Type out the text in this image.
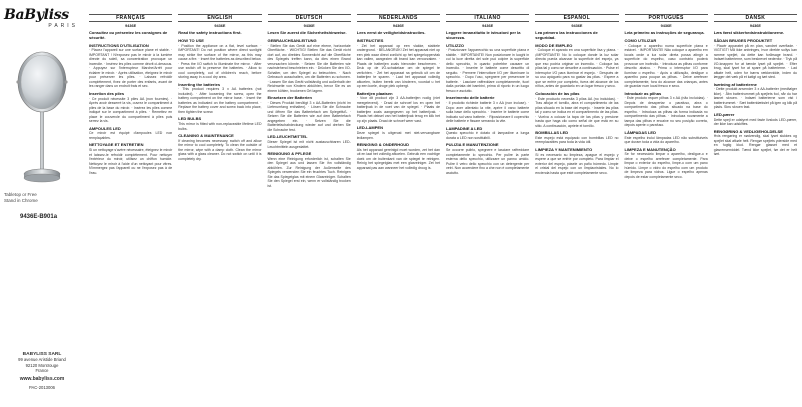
BaByliss
PARIS
Tabletop or Free
Stand in Chrome
9436E-B901a
BABYLISS SARL
99 avenue Aristide Briand
92120 Montrouge
France
www.babyliss.com
PAC-2013006
FRANÇAIS
9436E
Consultez ou présentez les consignes de sécurité.
INSTRUCTIONS D'UTILISATION
· Placez l'appareil sur une surface plane et stable. · IMPORTANT ! N'exposez pas le miroir à la lumière directe du soleil, sa concentration provoque un incendie. · Insérez les piles comme décrit ci-dessous. · Appuyez sur l'interrupteur Marche/Arrêt pour éclairer le miroir. · Après utilisation, éteignez le miroir pour préserver les piles. · Laissez refroidir complètement, fixez de porter des enfants, avant de les ranger dans un endroit frais et sec.
Insertion des piles
· Ce produit nécessite 3 piles AA (non fournies). · Après avoir desserré la vis, ouvrez le compartiment à piles de la base du miroir. · Insérez les piles comme indiqué sur le compartiment à piles. · Remettez en place le couvercle du compartiment à piles puis serrez la vis.
AMPOULES LED
Ce miroir est équipé d'ampoules LED non remplaçables.
NETTOYAGE ET ENTRETIEN
Si un nettoyage s'avère nécessaire, éteignez le miroir et laissez-le refroidir complètement. Pour nettoyer l'extérieur du miroir, utilisez un chiffon humide. Nettoyez le miroir à l'aide d'un nettoyant pour vitres. N'immergez pas l'appareil ou ne l'exposez pas à de l'eau.
ENGLISH
9436E
Read the safety instructions first.
HOW TO USE
· Position the appliance on a flat, level surface. · IMPORTANT! Do not position where direct sunlight may strike the surface of the mirror, as this may cause a fire. · Insert the batteries as described below. · Press the I/O switch to illuminate the mirror. · After use switch off to preserve the batteries. · Allow to cool completely, out of children's reach, before storing away in a cool dry area.
Inserting the batteries
· This product requires 3 x AA batteries (not included). · After loosening the screw, open the battery compartment on the mirror base. · Insert the batteries as indicated on the battery compartment. · Replace the battery cover and screw back into place, then tighten the screw.
LED BULBS
This mirror is fitted with non-replaceable lifetime LED bulbs.
CLEANING & MAINTENANCE
If cleaning becomes necessary, switch off and allow the mirror to cool completely. To clean the outside of the mirror, wipe with a damp cloth. Clean the mirror glass with a glass cleaner. Do not switch on until it is completely dry.
DEUTSCH
9436E
Lesen Sie zuerst die Sicherheitshinweise.
GEBRAUCHSANLEITUNG
· Stellen Sie das Gerät auf eine ebene, horizontale Oberfläche. · WICHTIG! Stellen Sie das Gerät nicht dort auf, wo direktes Sonnenlicht auf die Oberfläche des Spiegels treffen kann, da dies einen Brand verursachen könnte. · Setzen Sie die Batterien wie nachstehend beschrieben ein. · Drücken Sie den I/O-Schalter, um den Spiegel zu beleuchten. · Nach Gebrauch ausschalten, um die Batterien zu schonen. · Lassen Sie das Gerät vollständig und außerhalb der Reichweite von Kindern abkühlen, bevor Sie es an einem kühlen, trockenen Ort lagern.
Einsetzen der Batterien
· Dieses Produkt benötigt 3 x AA-Batterien (nicht im Lieferumfang enthalten). · Lösen Sie die Schraube und öffnen Sie das Batteriefach am Spiegelfuß. · Setzen Sie die Batterien wie auf dem Batteriefach angegeben ein. · Setzen Sie die Batteriefachabdeckung wieder auf und drehen Sie die Schraube fest.
LED-LEUCHTMITTEL
Dieser Spiegel ist mit nicht austauschbaren LED-Leuchtmitteln ausgestattet.
REINIGUNG & PFLEGE
Wenn eine Reinigung erforderlich ist, schalten Sie den Spiegel aus und lassen Sie ihn vollständig abkühlen. Zur Reinigung der Außenseite des Spiegels verwenden Sie ein feuchtes Tuch. Reinigen Sie das Spiegelglas mit einem Glasreiniger. Schalten Sie den Spiegel erst ein, wenn er vollständig trocken ist.
NEDERLANDS
9436E
Lees eerst de veiligheidsinstructies.
INSTRUCTIES
· Zet het apparaat op een vlakke, stabiele ondergrond. · BELANGRIJK! Zet het apparaat niet op een plek waar direct zonlicht op het spiegeloppervlak kan vallen, aangezien dit brand kan veroorzaken. · Plaats de batterijen zoals hieronder beschreven. · Druk op de I/O-schakelaar om de spiegel te verlichten. · Zet het apparaat na gebruik uit om de batterijen te sparen. · Laat het apparaat volledig afkoelen, buiten bereik van kinderen, voordat u het op een koele, droge plek opbergt.
Batterijen plaatsen
· Voor dit product zijn 3 AA-batterijen nodig (niet meegeleverd). · Draai de schroef los en open het batterijvak in de voet van de spiegel. · Plaats de batterijen zoals aangegeven op het batterijvak. · Plaats het deksel van het batterijvak terug en klik het op zijn plaats. Draai de schroef weer vast.
LED-LAMPEN
Deze spiegel is uitgerust met niet-vervangbare ledlampen.
REINIGING & ONDERHOUD
Als het apparaat gereinigd moet worden, zet het dan uit en laat het volledig afkoelen. Gebruik een vochtige doek om de buitenkant van de spiegel te reinigen. Reinig het spiegelglas met een glasreiniger. Zet het apparaat pas aan wanneer het volledig droog is.
ITALIANO
9436E
Leggere innanzitutto le istruzioni per la sicurezza.
UTILIZZO
· Posizionare l'apparecchio su una superficie piana e stabile. · IMPORTANTE! Non posizionare in luoghi in cui la luce diretta del sole può colpire la superficie dello specchio, in quanto potrebbe causare un incendio. · Inserire le batterie come descritto di seguito. · Premere l'interruttore I/O per illuminare lo specchio. · Dopo l'uso, spegnere per preservare le batterie. · Lasciare raffreddare completamente, fuori dalla portata dei bambini, prima di riporlo in un luogo fresco e asciutto.
Inserimento delle batterie
· Il prodotto richiede batterie 3 x AA (non incluse). · Dopo aver allentato la vite, aprire il vano batterie sulla base dello specchio. · Inserire le batterie come indicato sul vano batterie. · Riposizionare il coperchio delle batterie e fissare serrando la vite.
LAMPADINE A LED
Questo specchio è dotato di lampadine a lunga durata a LED non sostituibili.
PULIZIA E MANUTENZIONE
Se occorre pulirlo, spegnere e lasciare raffreddare completamente lo specchio. Per pulire la parte esterna dello specchio, utilizzare un panno umido. Pulire il vetro dello specchio con un detergente per vetri. Non accendere fino a che non è completamente asciutto.
ESPAÑOL
9436E
Lea primero las instrucciones de seguridad.
MODO DE EMPLEO
· Coloque el aparato en una superficie lisa y plana. · ¡IMPORTANTE! No lo coloque donde la luz solar directa pueda alcanzar la superficie del espejo, ya que eso podría originar un incendio. · Coloque las pilas tal y como se describe a continuación. · Pulse el interruptor I/O para iluminar el espejo. · Después de su uso apáguelo para no gastar las pilas. · Espere a que se enfríe por completo, fuera del alcance de los niños, antes de guardarlo en un lugar fresco y seco.
Colocación de las pilas
· Este producto necesita 3 pilas AA (no incluidas). · Tras aflojar el tornillo, abra el compartimento de las pilas situado en la base del espejo. · Inserte las pilas tal y como se indica en el compartimento de las pilas. · Vuelva a colocar la tapa de las pilas y presione hasta que haga clic como señal de que está en su sitio. A continuación, apriete el tornillo.
BOMBILLAS LED
Este espejo está equipado con bombillas LED no reemplazables para toda la vida útil.
LIMPIEZA Y MANTENIMIENTO
Si es necesario su limpieza, apague el espejo y espere a que se enfríe por completo. Para limpiar el exterior del espejo, pásele un paño húmedo. Limpie el cristal del espejo con un limpiacristales. No lo encienda hasta que esté completamente seco.
PORTUGUÊS
9436E
Leia primeiro as instruções de segurança.
COMO UTILIZAR
· Coloque o aparelho numa superfície plana e estável. · IMPORTANTE! Não coloque o aparelho em locais onde a luz solar direta possa atingir a superfície do espelho, caso contrário poderá provocar um incêndio. · Introduza as pilhas conforme descrito abaixo. · Prima o interruptor I/O para iluminar o espelho. · Após a utilização, desligue o aparelho para poupar as pilhas. · Deixe arrefecer completamente, fora do alcance das crianças, antes de guardar num local fresco e seco.
Introduzir as pilhas
· Este produto requer pilhas 3 x AA (não incluídas). · Depois de desapertar o parafuso, abra o compartimento das pilhas situado na base do espelho. · Introduza as pilhas da forma indicada no compartimento das pilhas. · Introduza novamente a tampa das pilhas e encaixe no seu posição correta, depois aperte o parafuso.
LÂMPADAS LED
Este espelho inclui lâmpadas LED não substituíveis que duram toda a vida do aparelho.
LIMPEZA E MANUTENÇÃO
Se for necessário limpar o aparelho, desligue-o e deixe o espelho arrefecer completamente. Para limpar o exterior do espelho, limpe-o com um pano húmido. Limpe o vidro do espelho com um produto de limpeza para vidros. Ligue o espelho apenas depois de estar completamente seco.
DANSK
9436E
Læs først sikkerhedsinstruktionerne.
SÅDAN BRUGES PRODUKTET
· Placér apparatet på en plan, vandret overflade. · VIGTIGT! Må ikke anbringes, hvor direkte sollys kan ramme spejlet, da dette kan forårsage brand. · Indsæt batterierne, som beskrevet nedenfor. · Tryk på I/O-knappen for at tænde lyset på spejlet. · Efter brug, skal lyset for at spare på batterierne. · Lad afkøle helt, uden for børns rækkevidde, inden du lægger det væk på et køligt og tørt sted.
Isætning af batterierne
· Dette produkt anvender 3 x AA-batterier (medfølger ikke). · Åbn batterirummet på spejlets fod, når du har løsnet skruen. · Indsæt batterierne som vist i batterirummet. · Sæt batteridækslet på igen og klik på plads. Skru skruen fast.
LED-pærer
Dette spejl er udstyret med faste livslods LED-pærer, der ikke kan udskiftes.
RENGØRING & VEDLIGEHOLDELSE
Hvis rengøring er nødvendig, skal lyset slukkes og spejlet skal afkøle helt. Rengør spejlets yderside med en fugtig klud. Rengør glasset med et glasrensemiddel. Tænd ikke spejlet, før det er helt tørt.
